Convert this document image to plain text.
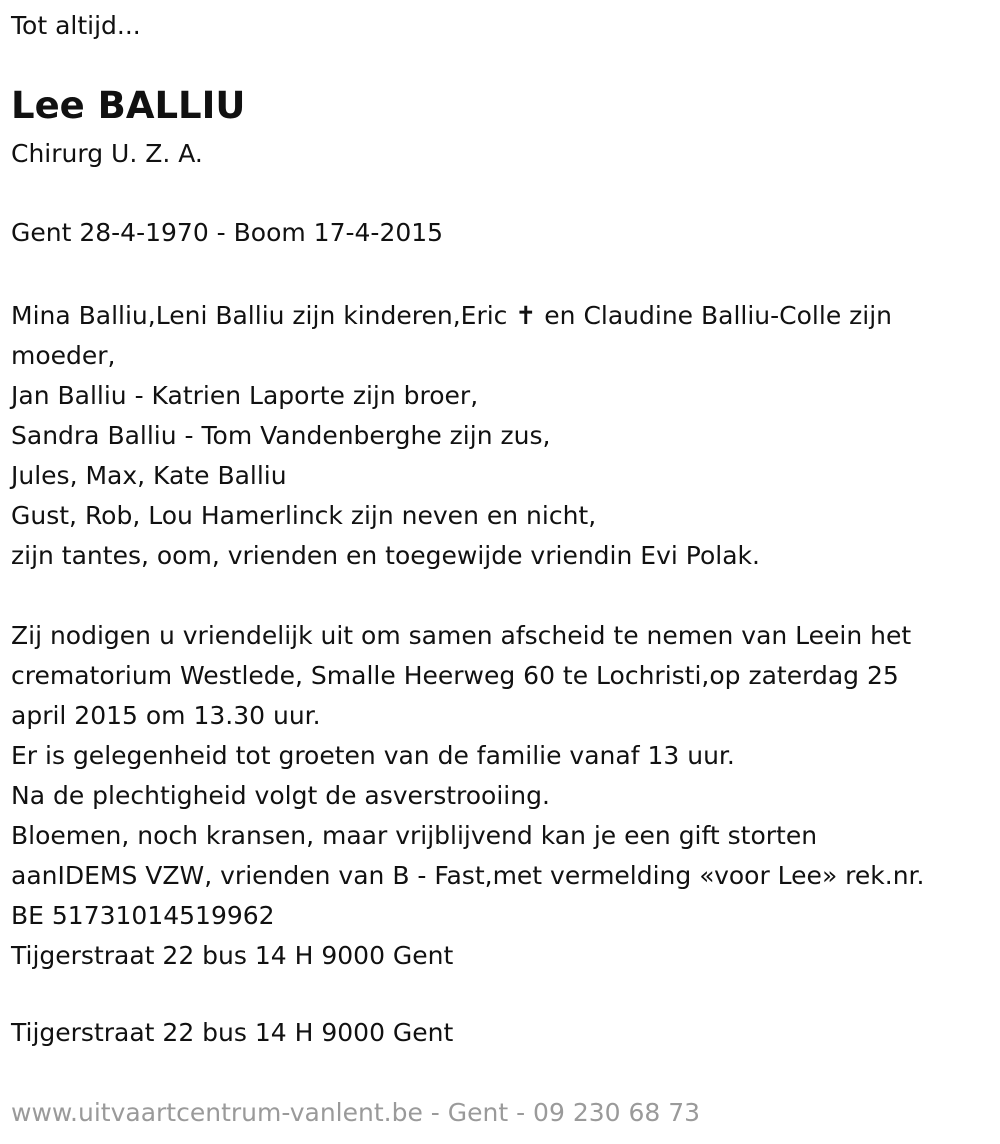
Tot altijd...
Lee BALLIU
Chirurg U. Z. A.
Gent 28-4-1970 - Boom 17-4-2015
Mina Balliu,Leni Balliu zijn kinderen,Eric ✝ en Claudine Balliu-Colle zijn
moeder,
Jan Balliu - Katrien Laporte zijn broer,
Sandra Balliu - Tom Vandenberghe zijn zus,
Jules, Max, Kate Balliu
Gust, Rob, Lou Hamerlinck zijn neven en nicht,
zijn tantes, oom, vrienden en toegewijde vriendin Evi Polak.
Zij nodigen u vriendelijk uit om samen afscheid te nemen van Leein het
crematorium Westlede, Smalle Heerweg 60 te Lochristi,op zaterdag 25
april 2015 om 13.30 uur.
Er is gelegenheid tot groeten van de familie vanaf 13 uur.
Na de plechtigheid volgt de asverstrooiing.
Bloemen, noch kransen, maar vrijblijvend kan je een gift storten
aanIDEMS VZW, vrienden van B - Fast,met vermelding «voor Lee» rek.nr.
BE 51731014519962
Tijgerstraat 22 bus 14 H 9000 Gent
Tijgerstraat 22 bus 14 H 9000 Gent
www.uitvaartcentrum-vanlent.be - Gent - 09 230 68 73
